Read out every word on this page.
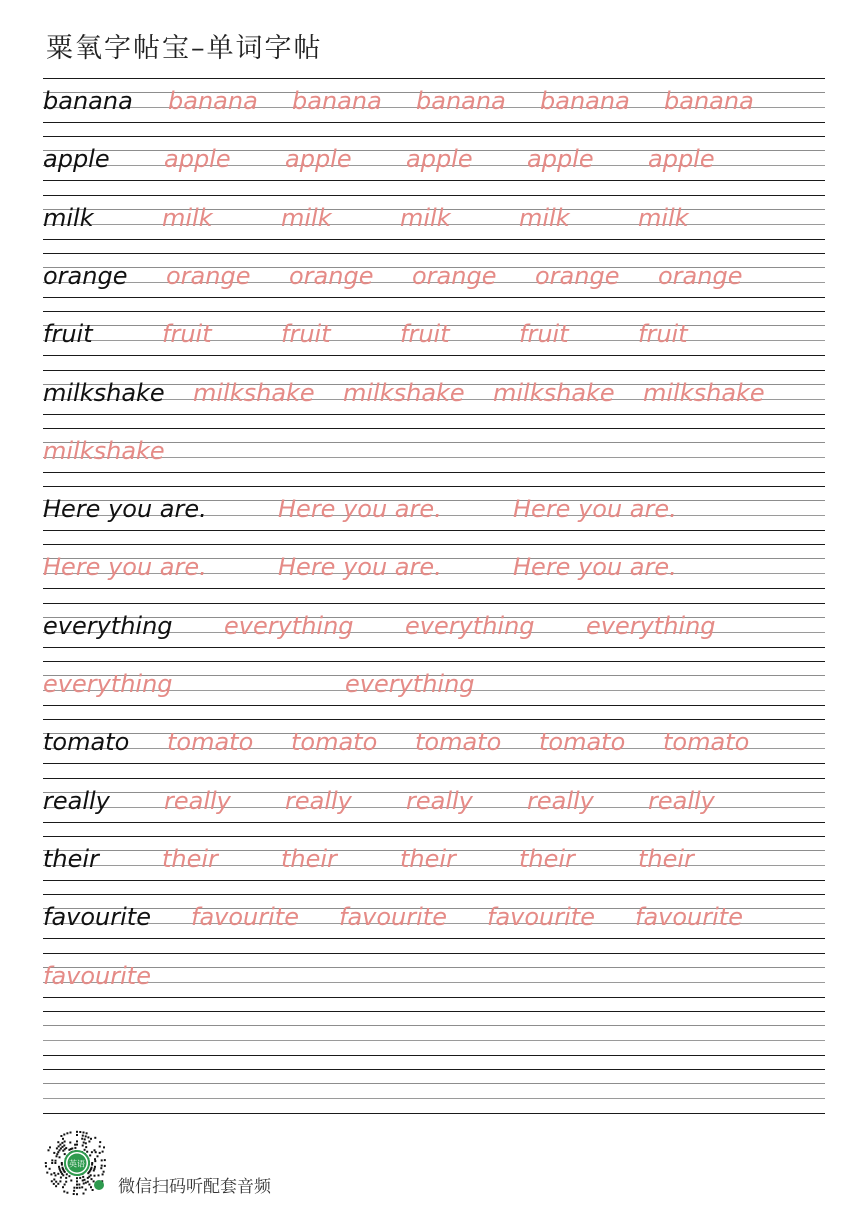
粟氧字帖宝–单词字帖
banana banana banana banana banana banana
apple apple apple apple apple apple
milk	milk	milk	milk	milk	milk
orange orange orange orange orange orange
fruit	fruit	fruit	fruit	fruit	fruit
milkshake milkshake milkshake milkshake milkshake
milkshake
Here you are.	Here you are.	Here you are.
Here you are.	Here you are.	Here you are.
everything everything everything everything
everything	everything
tomato tomato tomato tomato tomato tomato
really really really really really really
their	their	their	their	their	their
favourite favourite favourite favourite favourite
favourite
英语
微信扫码听配套音频
